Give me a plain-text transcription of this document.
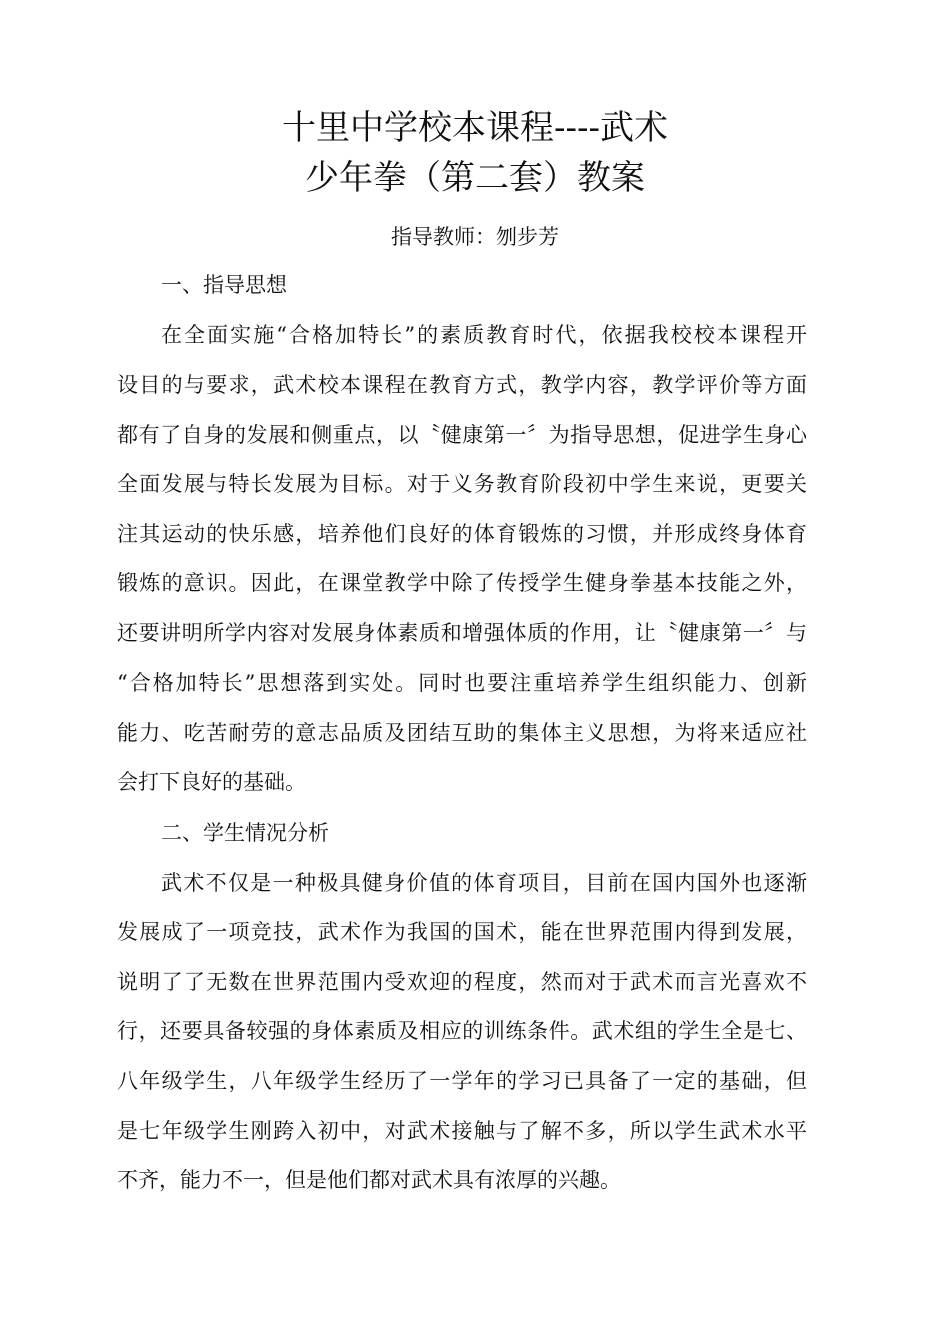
十里中学校本课程----武术
少年拳（第二套）教案
指导教师：刎步芳
一、指导思想
在全面实施“合格加特长”的素质教育时代，依据我校校本课程开
设目的与要求，武术校本课程在教育方式，教学内容，教学评价等方面
都有了自身的发展和侧重点，以〝健康第一〞为指导思想，促进学生身心
全面发展与特长发展为目标。对于义务教育阶段初中学生来说，更要关
注其运动的快乐感，培养他们良好的体育锻炼的习惯，并形成终身体育
锻炼的意识。因此，在课堂教学中除了传授学生健身拳基本技能之外，
还要讲明所学内容对发展身体素质和增强体质的作用，让〝健康第一〞与
“合格加特长”思想落到实处。同时也要注重培养学生组织能力、创新
能力、吃苦耐劳的意志品质及团结互助的集体主义思想，为将来适应社
会打下良好的基础。
二、学生情况分析
武术不仅是一种极具健身价值的体育项目，目前在国内国外也逐渐
发展成了一项竞技，武术作为我国的国术，能在世界范围内得到发展，
说明了了无数在世界范围内受欢迎的程度，然而对于武术而言光喜欢不
行，还要具备较强的身体素质及相应的训练条件。武术组的学生全是七、
八年级学生，八年级学生经历了一学年的学习已具备了一定的基础，但
是七年级学生刚跨入初中，对武术接触与了解不多，所以学生武术水平
不齐，能力不一，但是他们都对武术具有浓厚的兴趣。
